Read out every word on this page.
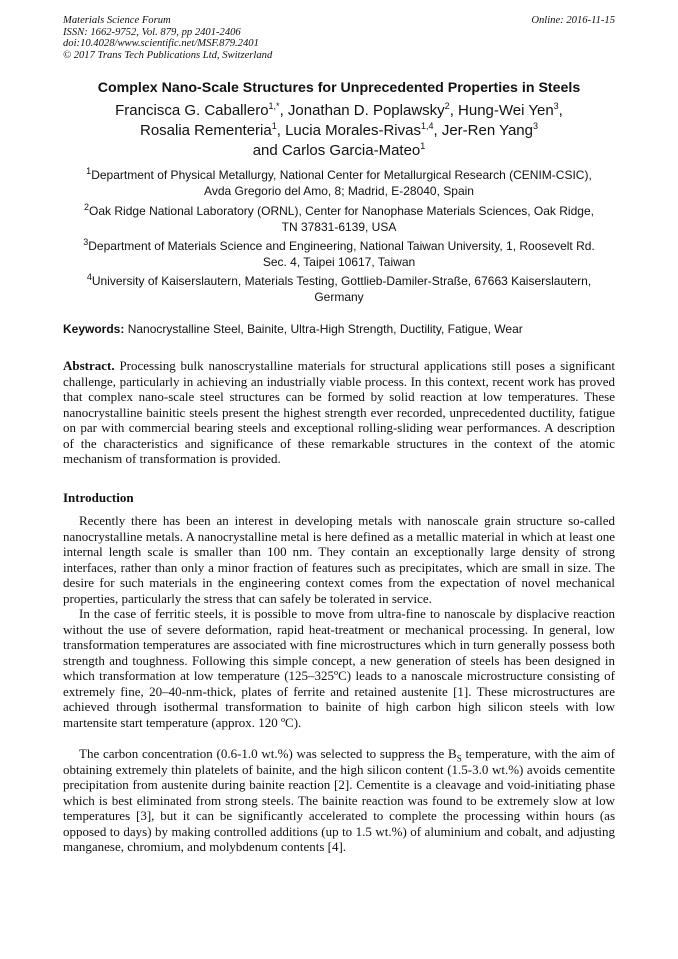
Materials Science Forum
ISSN: 1662-9752, Vol. 879, pp 2401-2406
doi:10.4028/www.scientific.net/MSF.879.2401
© 2017 Trans Tech Publications Ltd, Switzerland
Online: 2016-11-15
Complex Nano-Scale Structures for Unprecedented Properties in Steels
Francisca G. Caballero$^{1,*}$, Jonathan D. Poplawsky$^2$, Hung-Wei Yen$^3$,
Rosalia Rementeria$^1$, Lucia Morales-Rivas$^{1,4}$, Jer-Ren Yang$^3$
and Carlos Garcia-Mateo$^1$
$^1$Department of Physical Metallurgy, National Center for Metallurgical Research (CENIM-CSIC),
Avda Gregorio del Amo, 8; Madrid, E-28040, Spain
$^2$Oak Ridge National Laboratory (ORNL), Center for Nanophase Materials Sciences, Oak Ridge,
TN 37831-6139, USA
$^3$Department of Materials Science and Engineering, National Taiwan University, 1, Roosevelt Rd.
Sec. 4, Taipei 10617, Taiwan
$^4$University of Kaiserslautern, Materials Testing, Gottlieb-Damiler-Straße, 67663 Kaiserslautern,
Germany
Keywords: Nanocrystalline Steel, Bainite, Ultra-High Strength, Ductility, Fatigue, Wear
Abstract. Processing bulk nanoscrystalline materials for structural applications still poses a significant challenge, particularly in achieving an industrially viable process. In this context, recent work has proved that complex nano-scale steel structures can be formed by solid reaction at low temperatures. These nanocrystalline bainitic steels present the highest strength ever recorded, unprecedented ductility, fatigue on par with commercial bearing steels and exceptional rolling-sliding wear performances. A description of the characteristics and significance of these remarkable structures in the context of the atomic mechanism of transformation is provided.
Introduction
Recently there has been an interest in developing metals with nanoscale grain structure so-called nanocrystalline metals. A nanocrystalline metal is here defined as a metallic material in which at least one internal length scale is smaller than 100 nm. They contain an exceptionally large density of strong interfaces, rather than only a minor fraction of features such as precipitates, which are small in size. The desire for such materials in the engineering context comes from the expectation of novel mechanical properties, particularly the stress that can safely be tolerated in service.
In the case of ferritic steels, it is possible to move from ultra-fine to nanoscale by displacive reaction without the use of severe deformation, rapid heat-treatment or mechanical processing. In general, low transformation temperatures are associated with fine microstructures which in turn generally possess both strength and toughness. Following this simple concept, a new generation of steels has been designed in which transformation at low temperature (125–325ºC) leads to a nanoscale microstructure consisting of extremely fine, 20–40-nm-thick, plates of ferrite and retained austenite [1]. These microstructures are achieved through isothermal transformation to bainite of high carbon high silicon steels with low martensite start temperature (approx. 120 ºC).
The carbon concentration (0.6-1.0 wt.%) was selected to suppress the $B_S$ temperature, with the aim of obtaining extremely thin platelets of bainite, and the high silicon content (1.5-3.0 wt.%) avoids cementite precipitation from austenite during bainite reaction [2]. Cementite is a cleavage and void-initiating phase which is best eliminated from strong steels. The bainite reaction was found to be extremely slow at low temperatures [3], but it can be significantly accelerated to complete the processing within hours (as opposed to days) by making controlled additions (up to 1.5 wt.%) of aluminium and cobalt, and adjusting manganese, chromium, and molybdenum contents [4].
